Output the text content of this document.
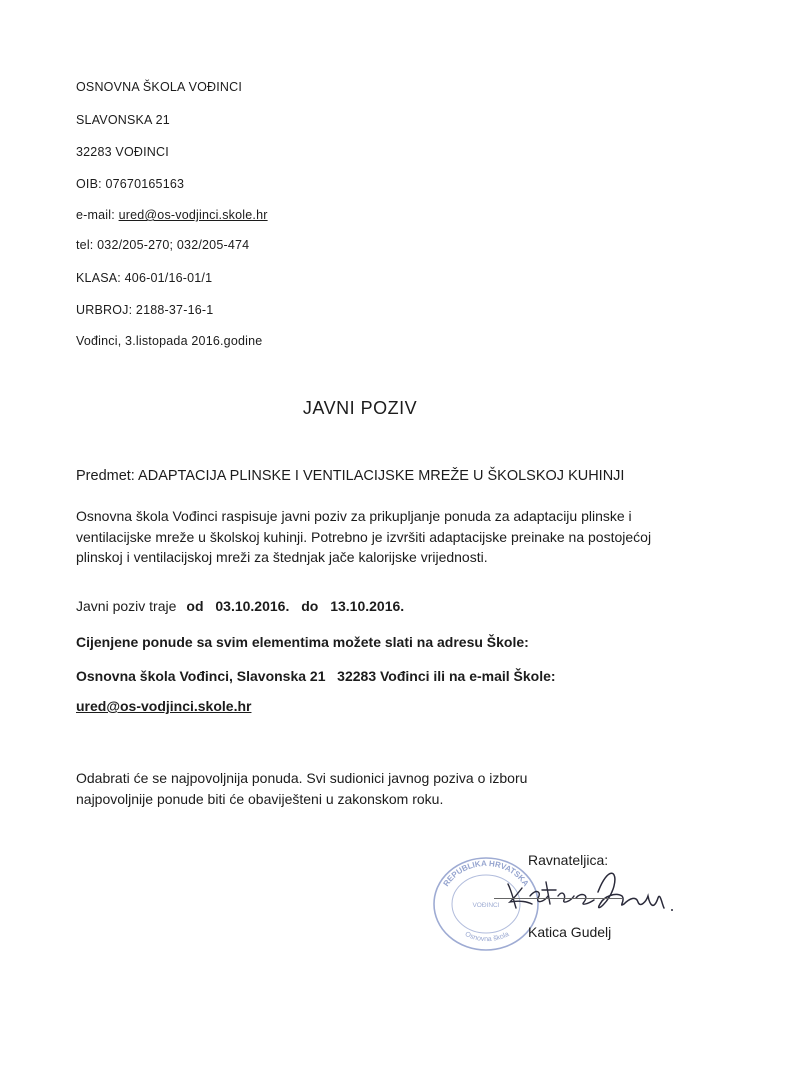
OSNOVNA ŠKOLA VOĐINCI
SLAVONSKA 21
32283 VOĐINCI
OIB: 07670165163
e-mail: ured@os-vodjinci.skole.hr
tel: 032/205-270; 032/205-474
KLASA: 406-01/16-01/1
URBROJ: 2188-37-16-1
Vođinci, 3.listopada 2016.godine
JAVNI POZIV
Predmet: ADAPTACIJA PLINSKE I VENTILACIJSKE MREŽE U ŠKOLSKOJ KUHINJI
Osnovna škola Vođinci raspisuje javni poziv za prikupljanje ponuda za adaptaciju plinske i ventilacijske mreže u školskoj kuhinji. Potrebno je izvršiti adaptacijske preinake na postojećoj plinskoj i ventilacijskoj mreži za štednjak jače kalorijske vrijednosti.
Javni poziv traje od 03.10.2016. do 13.10.2016.
Cijenjene ponude sa svim elementima možete slati na adresu Škole:
Osnovna škola Vođinci, Slavonska 21   32283 Vođinci ili na e-mail Škole:
ured@os-vodjinci.skole.hr
Odabrati će se najpovoljnija ponuda. Svi sudionici javnog poziva o izboru najpovoljnije ponude biti će obaviješteni u zakonskom roku.
Ravnateljica:
REPUBLIKA HRVATSKA
VOĐINCI
Osnovna škola Katica Gudelj
